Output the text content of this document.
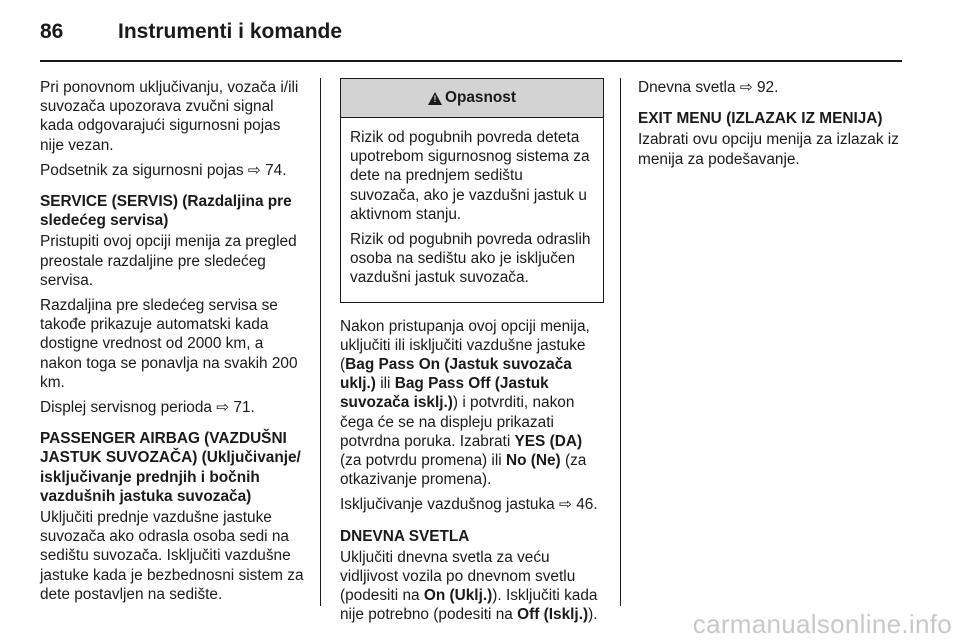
86	Instrumenti i komande

Pri ponovnom uključivanju, vozača i/ili suvozača upozorava zvučni signal kada odgovarajući sigurnosni pojas nije vezan.

Podsetnik za sigurnosni pojas ⇨ 74.

SERVICE (SERVIS) (Razdaljina pre sledećeg servisa)

Pristupiti ovoj opciji menija za pregled preostale razdaljine pre sledećeg servisa.

Razdaljina pre sledećeg servisa se takođe prikazuje automatski kada dostigne vrednost od 2000 km, a nakon toga se ponavlja na svakih 200 km.

Displej servisnog perioda ⇨ 71.

PASSENGER AIRBAG (VAZDUŠNI JASTUK SUVOZAČA) (Uključivanje/ isključivanje prednjih i bočnih vazdušnih jastuka suvozača)

Uključiti prednje vazdušne jastuke suvozača ako odrasla osoba sedi na sedištu suvozača. Isključiti vazdušne jastuke kada je bezbednosni sistem za dete postavljen na sedište.

! Opasnost

Rizik od pogubnih povreda deteta upotrebom sigurnosnog sistema za dete na prednjem sedištu suvozača, ako je vazdušni jastuk u aktivnom stanju.

Rizik od pogubnih povreda odraslih osoba na sedištu ako je isključen vazdušni jastuk suvozača.

Nakon pristupanja ovoj opciji menija, uključiti ili isključiti vazdušne jastuke (Bag Pass On (Jastuk suvozača uklj.) ili Bag Pass Off (Jastuk suvozača isklj.)) i potvrditi, nakon čega će se na displeju prikazati potvrdna poruka. Izabrati YES (DA) (za potvrdu promena) ili No (Ne) (za otkazivanje promena).

Isključivanje vazdušnog jastuka ⇨ 46.

DNEVNA SVETLA

Uključiti dnevna svetla za veću vidljivost vozila po dnevnom svetlu (podesiti na On (Uklj.)). Isključiti kada nije potrebno (podesiti na Off (Isklj.)).

Dnevna svetla ⇨ 92.

EXIT MENU (IZLAZAK IZ MENIJA)

Izabrati ovu opciju menija za izlazak iz menija za podešavanje.

carmanualsonline.info
